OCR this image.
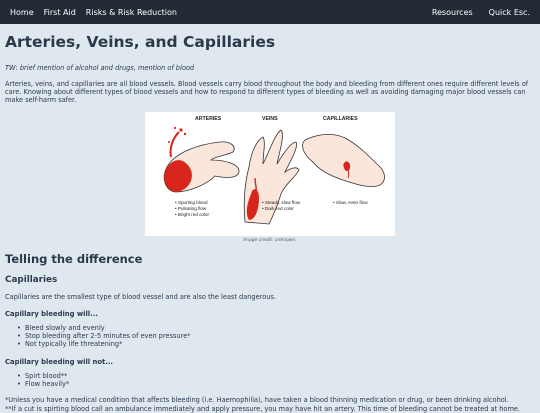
Home	First Aid	Risks & Risk Reduction	Resources	Quick Esc.
Arteries, Veins, and Capillaries

TW: brief mention of alcohol and drugs, mention of blood

Arteries, veins, and capillaries are all blood vessels. Blood vessels carry blood throughout the body and bleeding from different ones require different levels of care. Knowing about different types of blood vessels and how to respond to different types of bleeding as well as avoiding damaging major blood vessels can make self-harm safer.

ARTERIES	VEINS	CAPILLARIES
• Spurting blood
• Pulsating flow
• Bright red color
• Steady, slow flow
• Dark red color
• Slow, even flow

Image credit: unknown.

Telling the difference
Capillaries

Capillaries are the smallest type of blood vessel and are also the least dangerous.

Capillary bleeding will...
• Bleed slowly and evenly
• Stop bleeding after 2-5 minutes of even pressure*
• Not typically life threatening*
Capillary bleeding will not...
• Spirt blood**
• Flow heavily*

*Unless you have a medical condition that affects bleeding (i.e. Haemophilia), have taken a blood thinning medication or drug, or been drinking alcohol.

**If a cut is spirting blood call an ambulance immediately and apply pressure, you may have hit an artery. This time of bleeding cannot be treated at home.
